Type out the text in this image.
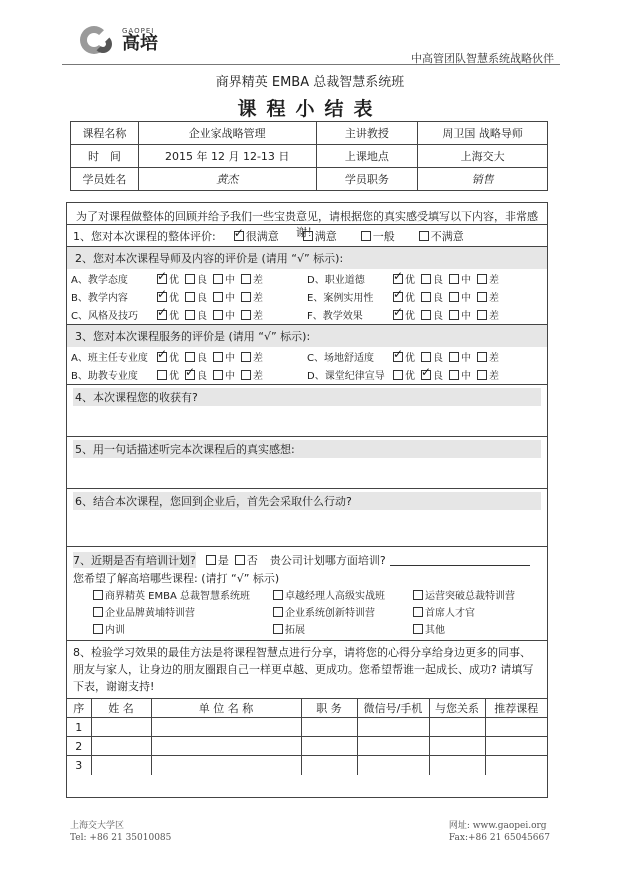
GAOPEI
高培
中高管团队智慧系统战略伙伴
商界精英 EMBA 总裁智慧系统班
课程小结表
课程名称	企业家战略管理	主讲教授	周卫国 战略导师
时　间	2015 年 12 月 12-13 日	上课地点	上海交大
学员姓名	黄杰	学员职务	销售
为了对课程做整体的回顾并给予我们一些宝贵意见，请根据您的真实感受填写以下内容，非常感谢！
1、您对本次课程的整体评价: ✓	很满意	满意	一般	不满意
2、您对本次课程导师及内容的评价是 (请用 “√” 标示):
A、教学态度 ✓	优 良 中 差	D、职业道德 ✓	优 良 中 差
B、教学内容 ✓	优 良 中 差	E、案例实用性 ✓	优 良 中 差
C、风格及技巧 ✓	优 良 中 差	F、教学效果 ✓	优 良 中 差
3、您对本次课程服务的评价是 (请用 “√” 标示):
A、班主任专业度 ✓	优 良 中 差	C、场地舒适度 ✓	优 良 中 差
B、助教专业度	优 ✓ 良 中 差	D、课堂纪律宣导	优 ✓ 良 中 差
4、本次课程您的收获有?
5、用一句话描述听完本次课程后的真实感想:
6、结合本次课程，您回到企业后，首先会采取什么行动?
7、近期是否有培训计划? 是 否 贵公司计划哪方面培训?
您希望了解高培哪些课程: (请打 “√” 标示)
商界精英 EMBA 总裁智慧系统班	卓越经理人高级实战班	运营突破总裁特训营
企业品牌黄埔特训营	企业系统创新特训营	首席人才官
内训	拓展	其他
8、检验学习效果的最佳方法是将课程智慧点进行分享，请将您的心得分享给身边更多的同事、朋友与家人，让身边的朋友圈跟自己一样更卓越、更成功。您希望帮谁一起成长、成功? 请填写下表，谢谢支持!
序	姓 名	单 位 名 称	职 务	微信号/手机	与您关系	推荐课程
1						
2						
3						
上海交大学区
Tel: +86 21 35010085
网址: www.gaopei.org
Fax:+86 21 65045667
